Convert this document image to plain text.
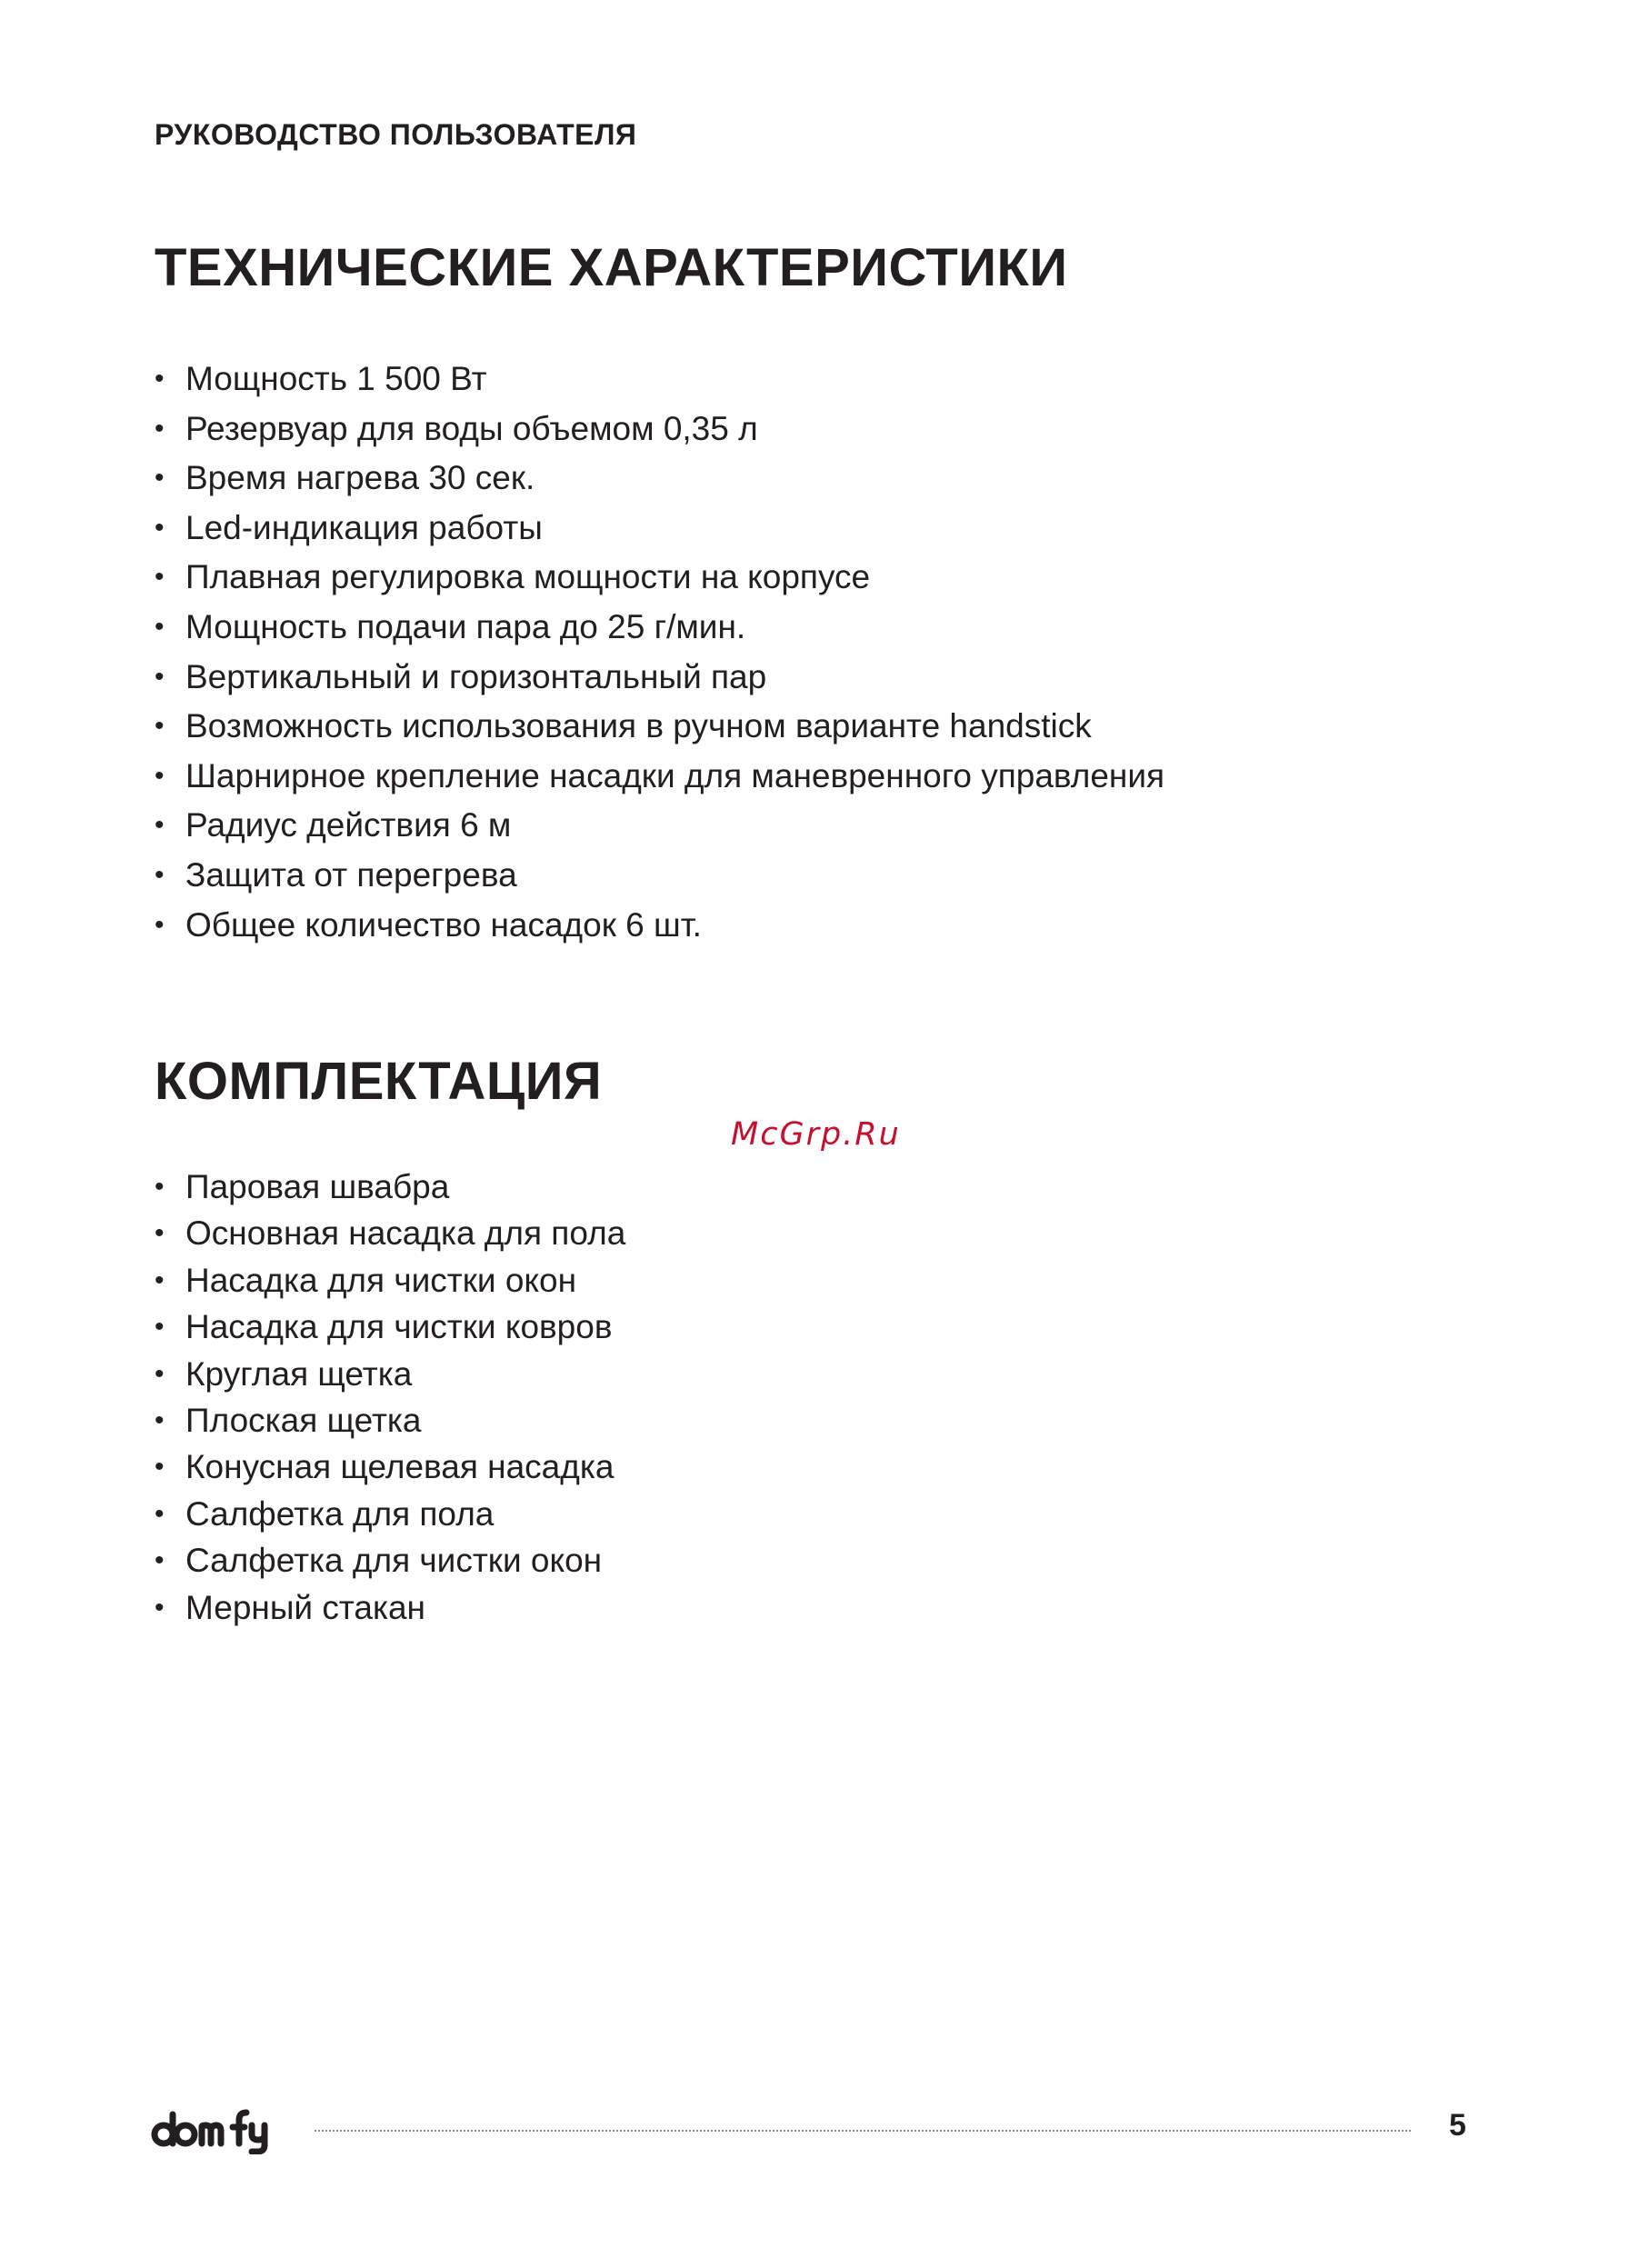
РУКОВОДСТВО ПОЛЬЗОВАТЕЛЯ
ТЕХНИЧЕСКИЕ ХАРАКТЕРИСТИКИ
• Мощность 1 500 Вт
• Резервуар для воды объемом 0,35 л
• Время нагрева 30 сек.
• Led-индикация работы
• Плавная регулировка мощности на корпусе
• Мощность подачи пара до 25 г/мин.
• Вертикальный и горизонтальный пар
• Возможность использования в ручном варианте handstick
• Шарнирное крепление насадки для маневренного управления
• Радиус действия 6 м
• Защита от перегрева
• Общее количество насадок 6 шт.
КОМПЛЕКТАЦИЯ
McGrp.Ru
• Паровая швабра
• Основная насадка для пола
• Насадка для чистки окон
• Насадка для чистки ковров
• Круглая щетка
• Плоская щетка
• Конусная щелевая насадка
• Салфетка для пола
• Салфетка для чистки окон
• Мерный стакан
5
